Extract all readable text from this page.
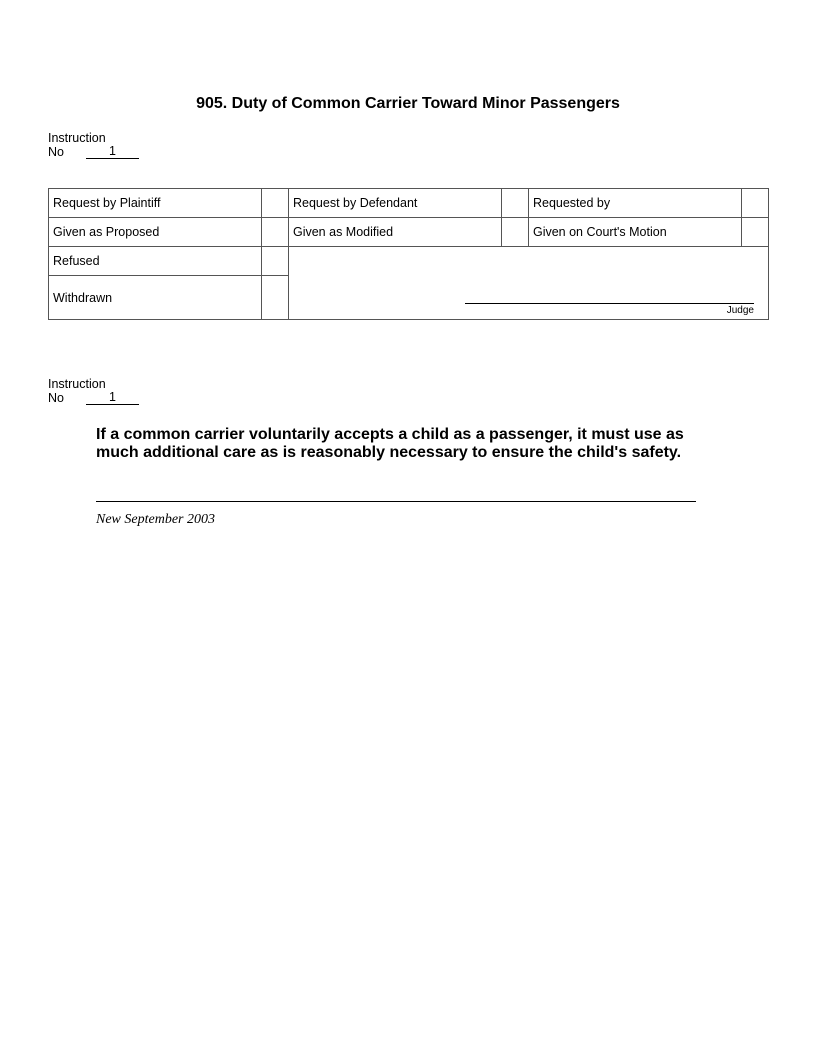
905. Duty of Common Carrier Toward Minor Passengers
Instruction
No	1
Request by Plaintiff		Request by Defendant		Requested by	
Given as Proposed		Given as Modified		Given on Court's Motion	
Refused		Judge			

Withdrawn					
Instruction
No	1
If a common carrier voluntarily accepts a child as a passenger, it must use as much additional care as is reasonably necessary to ensure the child's safety.
New September 2003
